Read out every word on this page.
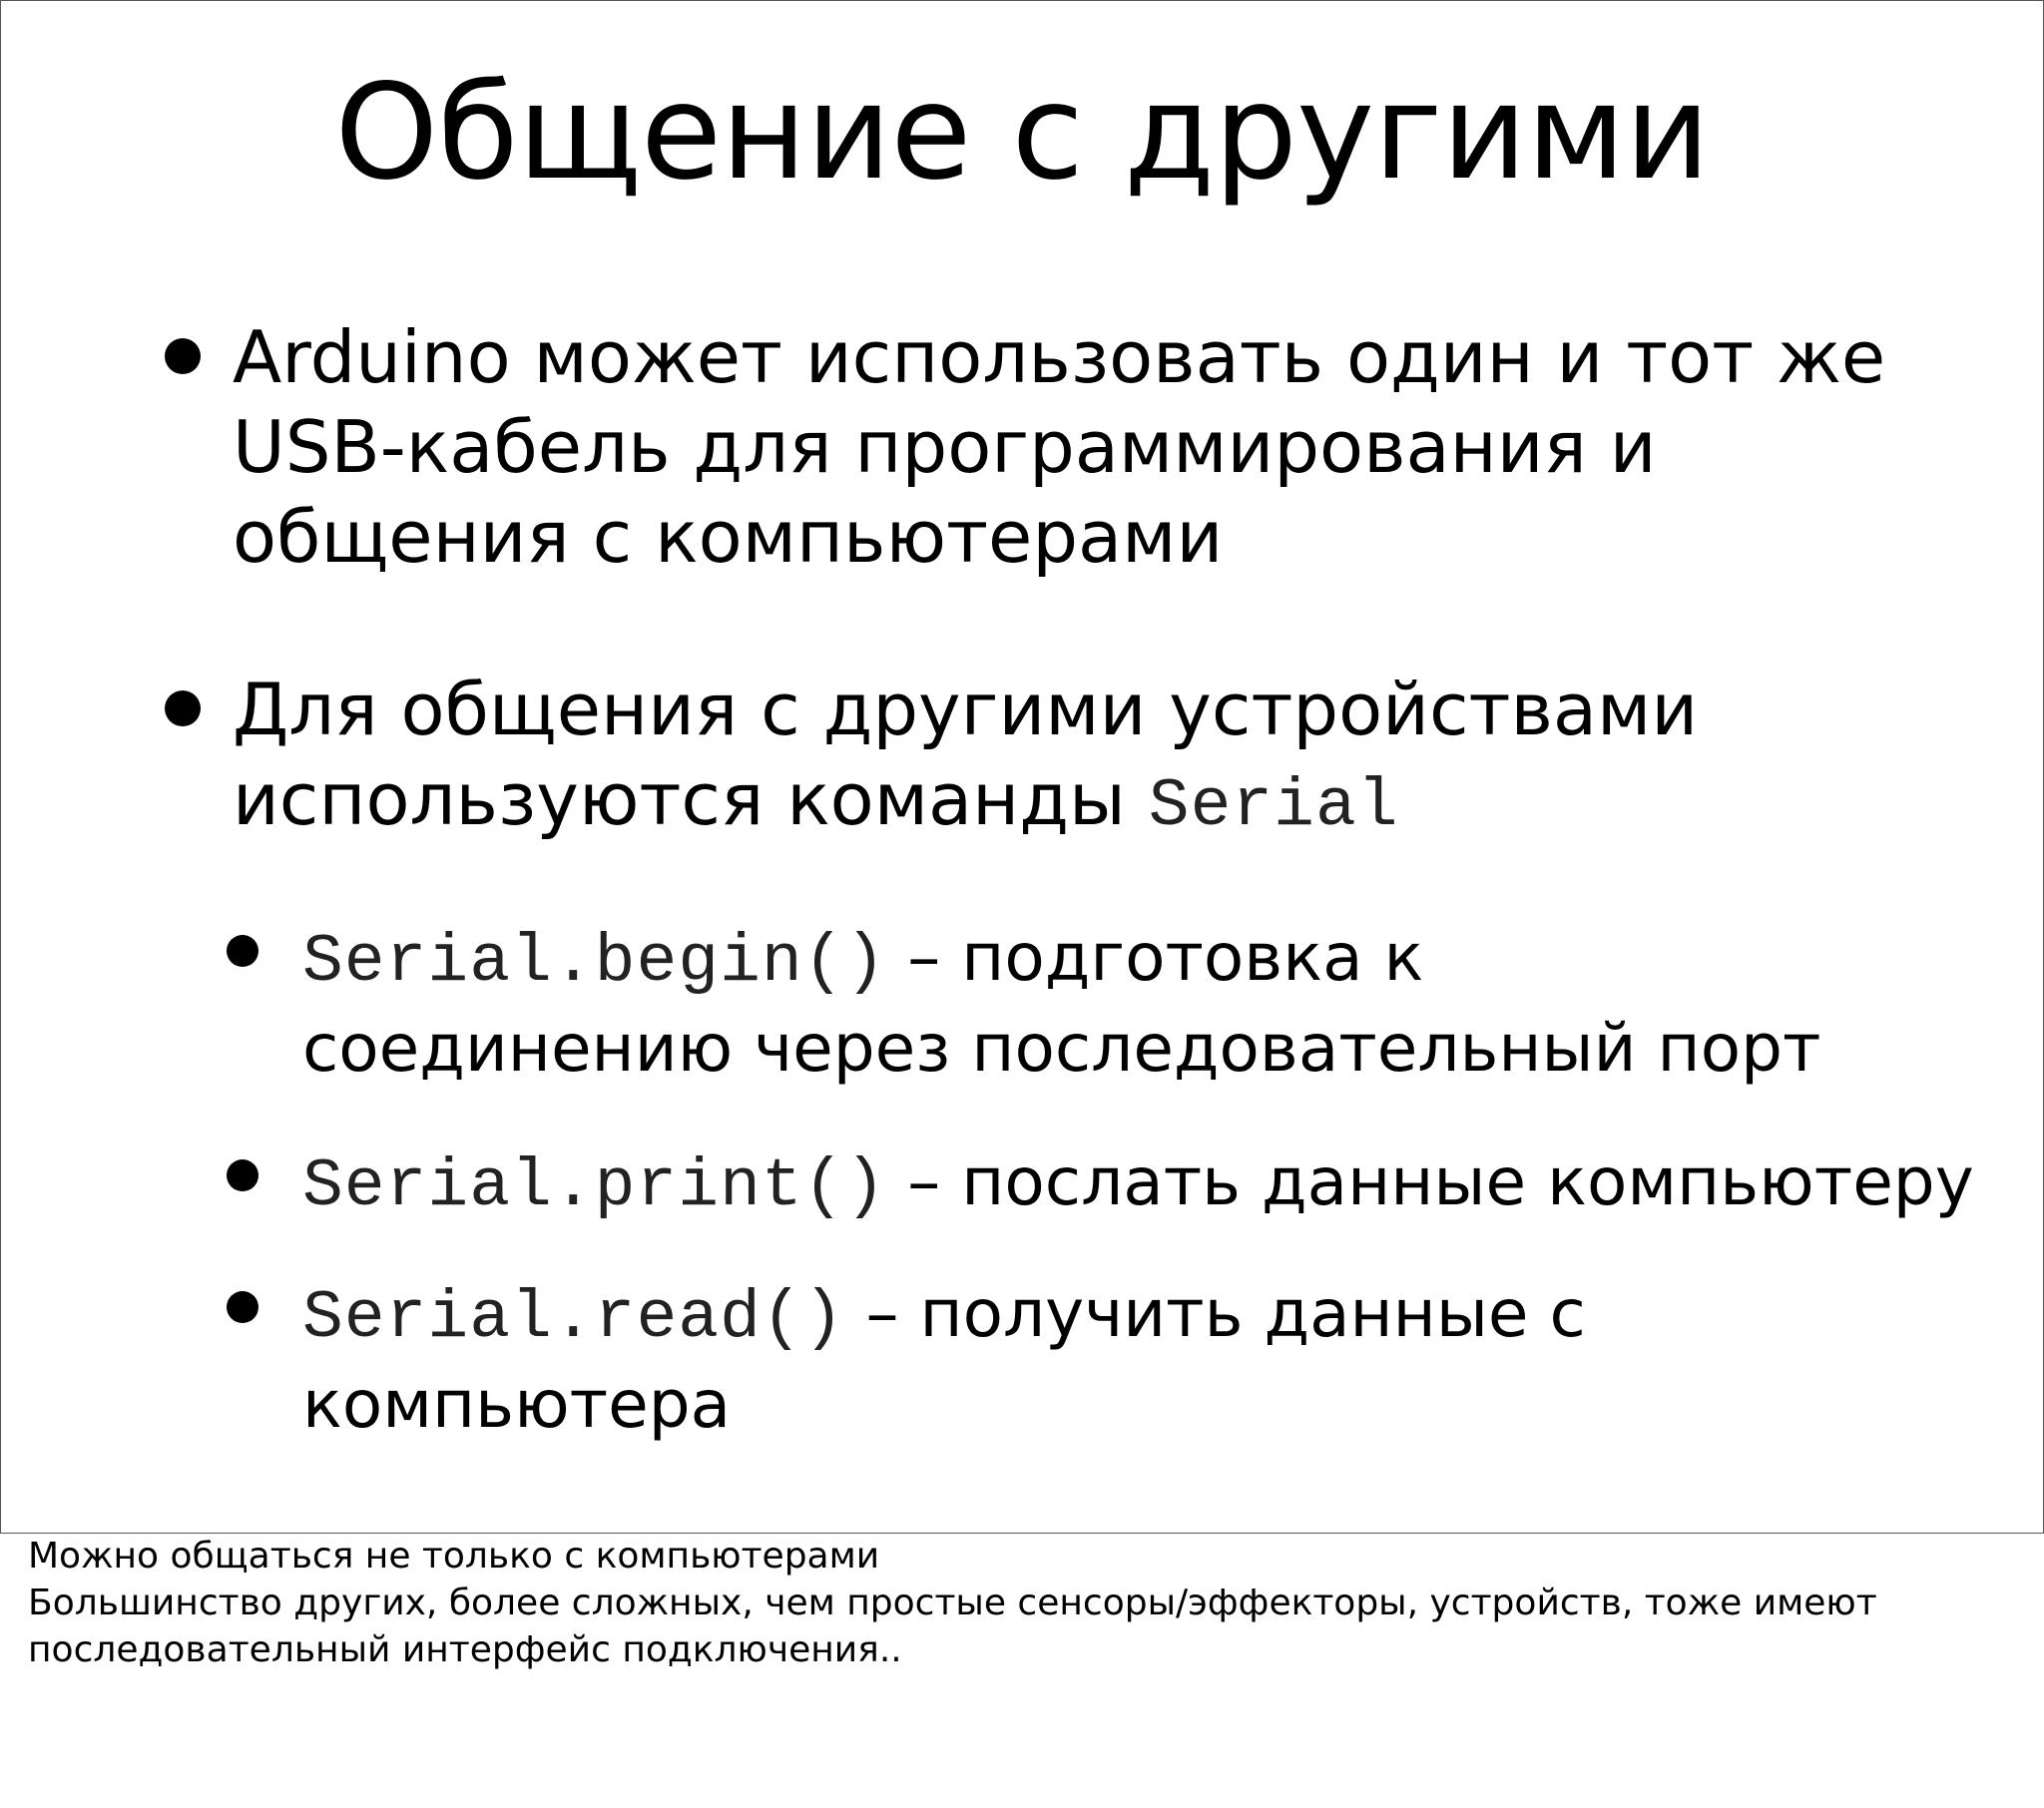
Общение с другими
Arduino может использовать один и тот же
USB-кабель для программирования и
общения с компьютерами
Для общения с другими устройствами
используются команды Serial
Serial.begin() – подготовка к
соединению через последовательный порт
Serial.print() – послать данные компьютеру
Serial.read() – получить данные с компьютера
Можно общаться не только с компьютерами
Большинство других, более сложных, чем простые сенсоры/эффекторы, устройств, тоже имеют
последовательный интерфейс подключения..
